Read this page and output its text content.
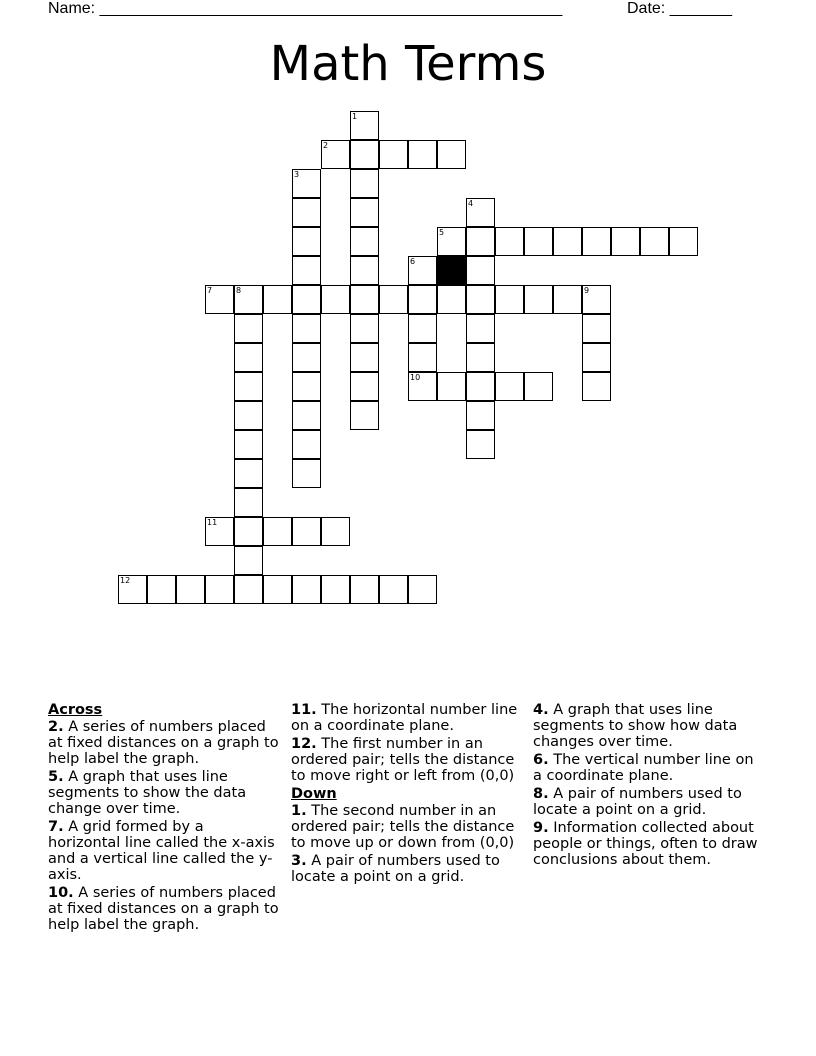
Name: ____________________________________________________	Date: _______
Math Terms
1
2
3
4
5
6
7	8	9
10
11
12
Across
2. A series of numbers placed at fixed distances on a graph to help label the graph.
5. A graph that uses line segments to show the data change over time.
7. A grid formed by a horizontal line called the x-axis and a vertical line called the y-axis.
10. A series of numbers placed at fixed distances on a graph to help label the graph.
11. The horizontal number line on a coordinate plane.
12. The first number in an ordered pair; tells the distance to move right or left from (0,0)
Down
1. The second number in an ordered pair; tells the distance to move up or down from (0,0)
3. A pair of numbers used to locate a point on a grid.
4. A graph that uses line segments to show how data changes over time.
6. The vertical number line on a coordinate plane.
8. A pair of numbers used to locate a point on a grid.
9. Information collected about people or things, often to draw conclusions about them.
